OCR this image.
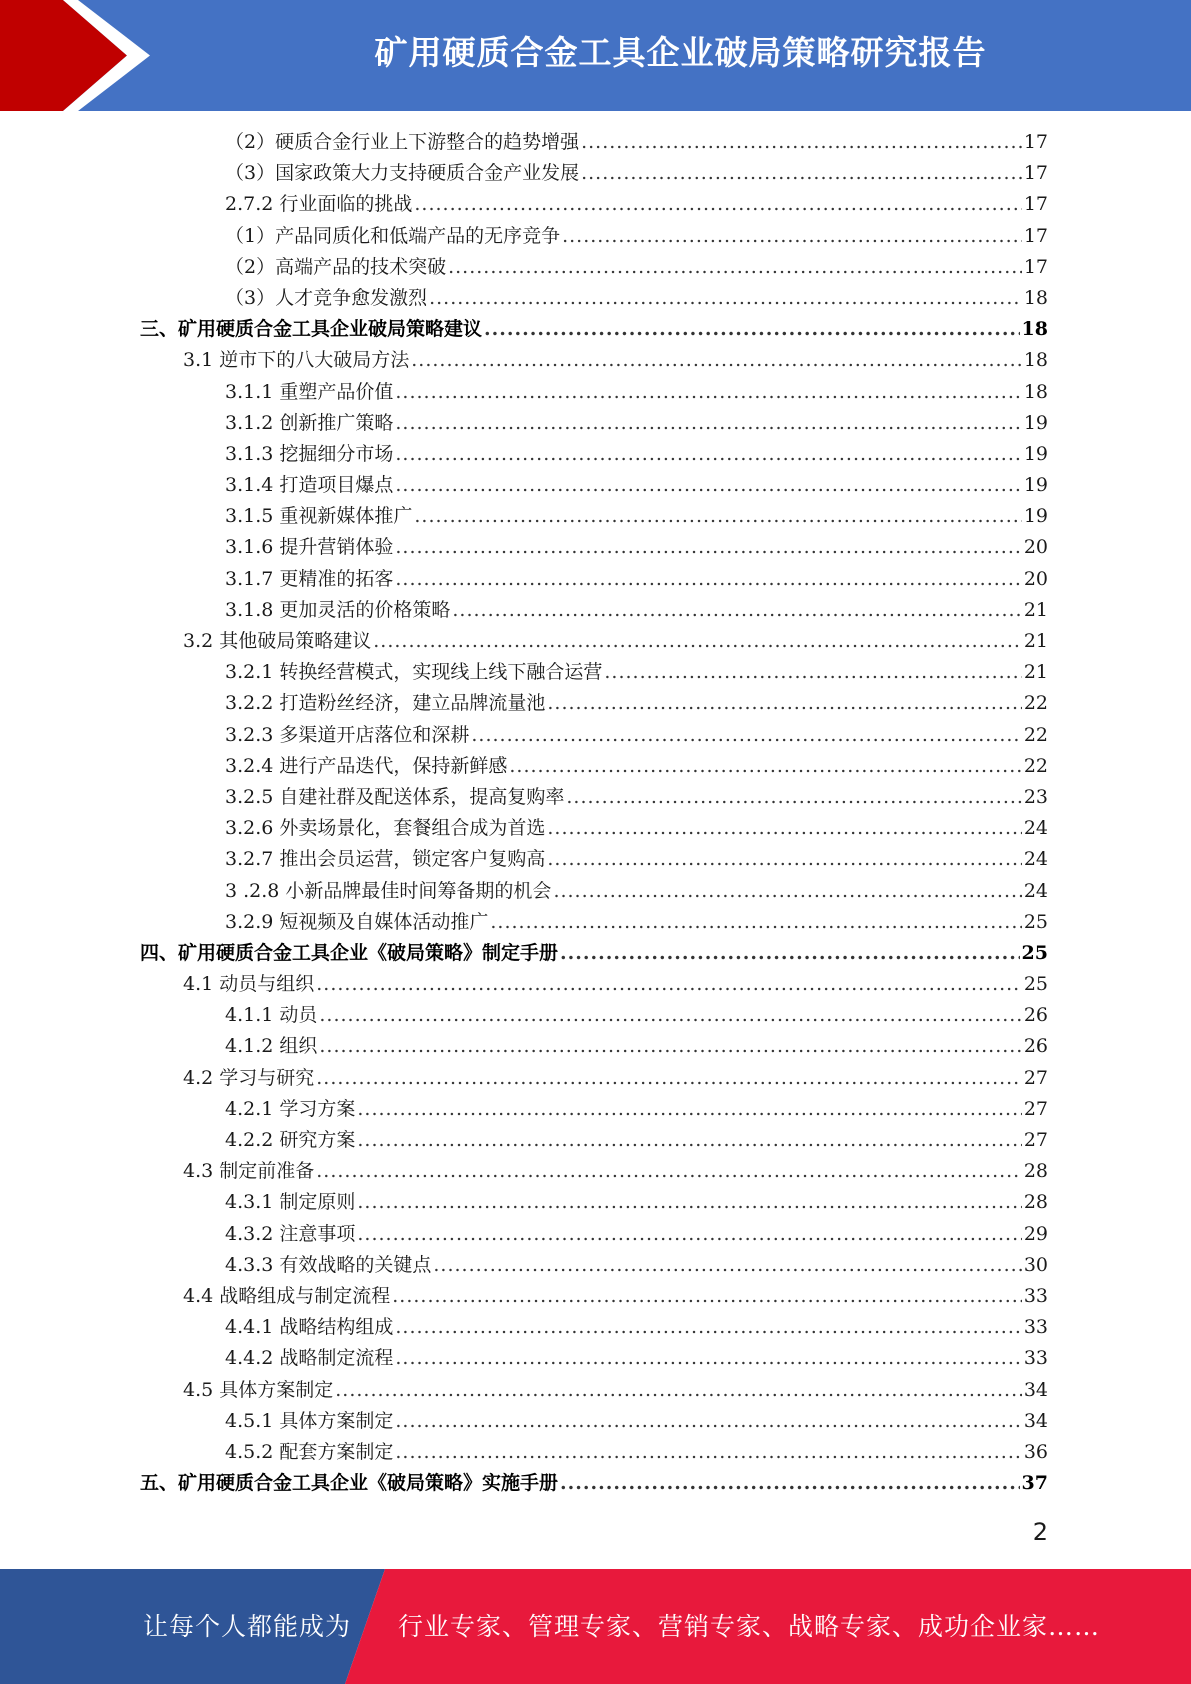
矿用硬质合金工具企业破局策略研究报告
（2）硬质合金行业上下游整合的趋势增强 .....	17
（3）国家政策大力支持硬质合金产业发展 .....	17
2.7.2 行业面临的挑战 .....	17
（1）产品同质化和低端产品的无序竞争 .....	17
（2）高端产品的技术突破 .....	17
（3）人才竞争愈发激烈 .....	18
三、矿用硬质合金工具企业破局策略建议 .....	18
3.1 逆市下的八大破局方法 .....	18
3.1.1 重塑产品价值 .....	18
3.1.2 创新推广策略 .....	19
3.1.3 挖掘细分市场 .....	19
3.1.4 打造项目爆点 .....	19
3.1.5 重视新媒体推广 .....	19
3.1.6 提升营销体验 .....	20
3.1.7 更精准的拓客 .....	20
3.1.8 更加灵活的价格策略 .....	21
3.2 其他破局策略建议 .....	21
3.2.1 转换经营模式，实现线上线下融合运营 .....	21
3.2.2 打造粉丝经济，建立品牌流量池 .....	22
3.2.3 多渠道开店落位和深耕 .....	22
3.2.4 进行产品迭代，保持新鲜感 .....	22
3.2.5 自建社群及配送体系，提高复购率 .....	23
3.2.6 外卖场景化，套餐组合成为首选 .....	24
3.2.7 推出会员运营，锁定客户复购高 .....	24
3 .2.8 小新品牌最佳时间筹备期的机会 .....	24
3.2.9 短视频及自媒体活动推广 .....	25
四、矿用硬质合金工具企业《破局策略》制定手册 .....	25
4.1 动员与组织 .....	25
4.1.1 动员 .....	26
4.1.2 组织 .....	26
4.2 学习与研究 .....	27
4.2.1 学习方案 .....	27
4.2.2 研究方案 .....	27
4.3 制定前准备 .....	28
4.3.1 制定原则 .....	28
4.3.2 注意事项 .....	29
4.3.3 有效战略的关键点 .....	30
4.4 战略组成与制定流程 .....	33
4.4.1 战略结构组成 .....	33
4.4.2 战略制定流程 .....	33
4.5 具体方案制定 .....	34
4.5.1 具体方案制定 .....	34
4.5.2 配套方案制定 .....	36
五、矿用硬质合金工具企业《破局策略》实施手册 .....	37
2
让每个人都能成为 行业专家、管理专家、营销专家、战略专家、成功企业家……
